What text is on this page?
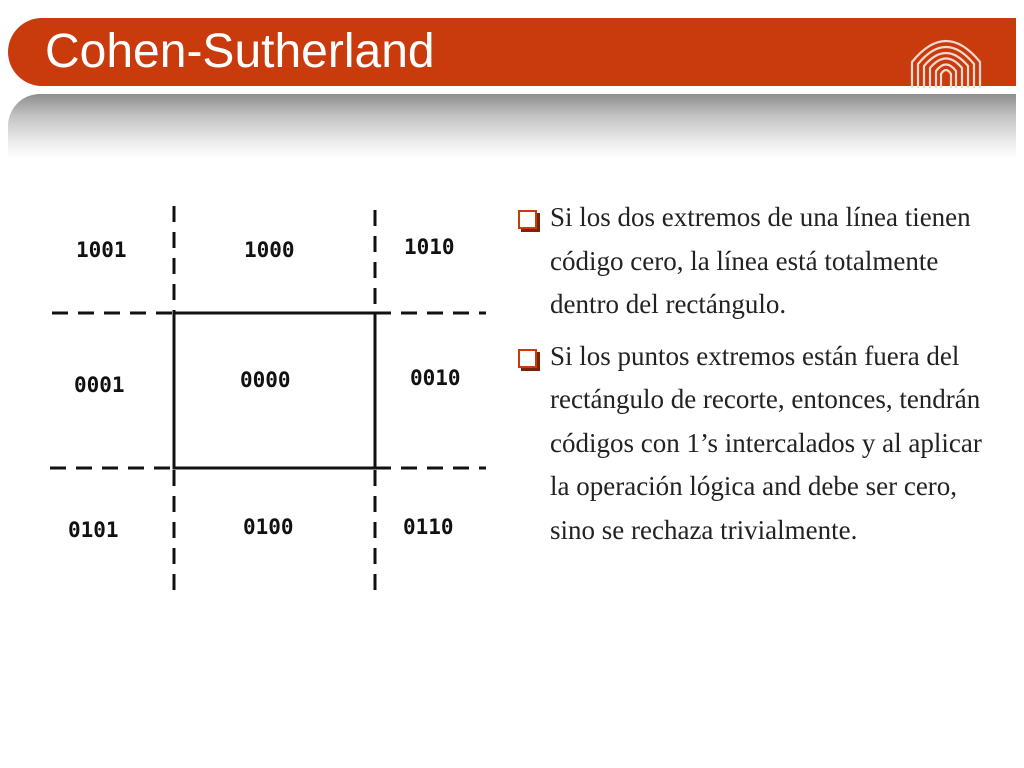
Cohen-Sutherland
1001	1000	1010
0001	0000	0010
0101	0100	0110
Si los dos extremos de una línea tienen código cero, la línea está totalmente dentro del rectángulo.
Si los puntos extremos están fuera del rectángulo de recorte, entonces, tendrán códigos con 1’s intercalados y al aplicar la operación lógica and debe ser cero, sino se rechaza trivialmente.
